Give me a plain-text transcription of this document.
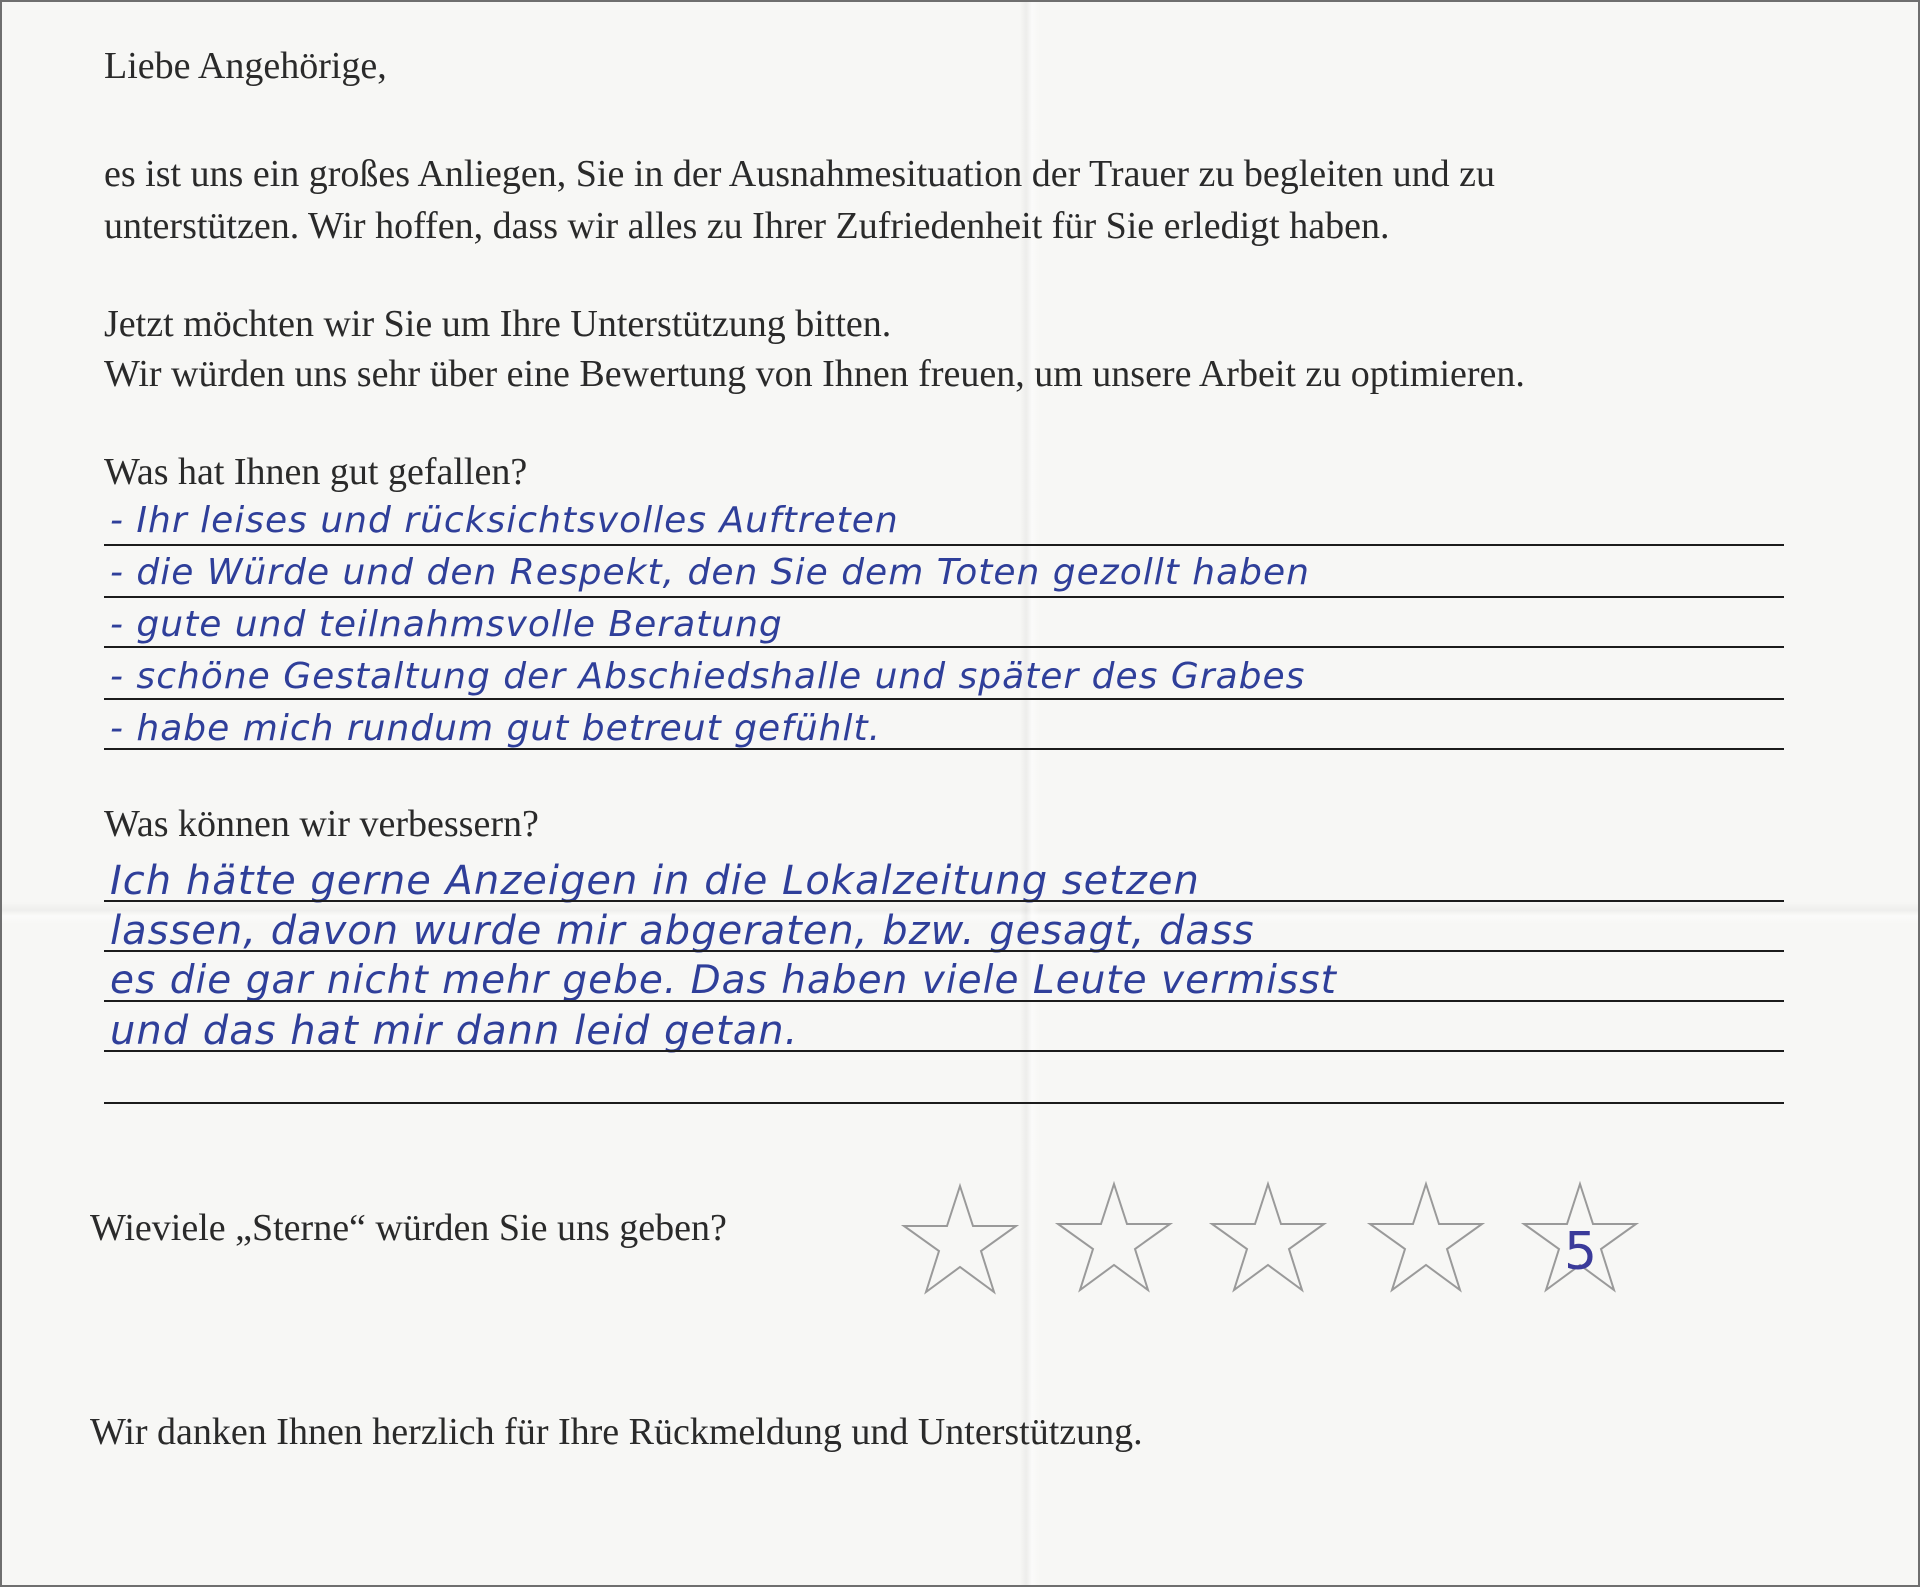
Liebe Angehörige,

es ist uns ein großes Anliegen, Sie in der Ausnahmesituation der Trauer zu begleiten und zu

unterstützen. Wir hoffen, dass wir alles zu Ihrer Zufriedenheit für Sie erledigt haben.

Jetzt möchten wir Sie um Ihre Unterstützung bitten.

Wir würden uns sehr über eine Bewertung von Ihnen freuen, um unsere Arbeit zu optimieren.

Was hat Ihnen gut gefallen?

- Ihr leises und rücksichtsvolles Auftreten

- die Würde und den Respekt, den Sie dem Toten gezollt haben

- gute und teilnahmsvolle Beratung

- schöne Gestaltung der Abschiedshalle und später des Grabes

- habe mich rundum gut betreut gefühlt.

Was können wir verbessern?

Ich hätte gerne Anzeigen in die Lokalzeitung setzen

lassen, davon wurde mir abgeraten, bzw. gesagt, dass

es die gar nicht mehr gebe. Das haben viele Leute vermisst

und das hat mir dann leid getan.

Wieviele „Sterne“ würden Sie uns geben?	5

Wir danken Ihnen herzlich für Ihre Rückmeldung und Unterstützung.
